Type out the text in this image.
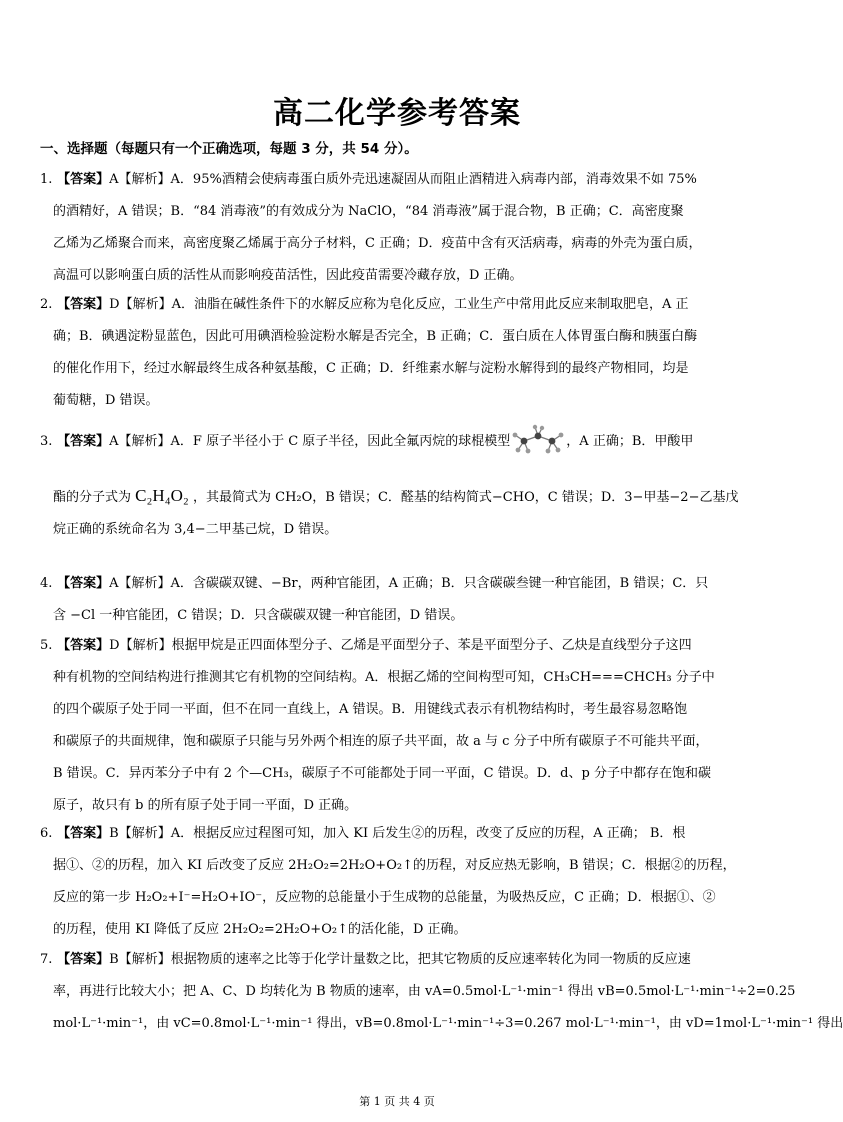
高二化学参考答案
一、选择题（每题只有一个正确选项，每题 3 分，共 54 分）。
1. 【答案】A【解析】A．95%酒精会使病毒蛋白质外壳迅速凝固从而阻止酒精进入病毒内部，消毒效果不如 75%
的酒精好，A 错误；B．“84 消毒液”的有效成分为 NaClO，“84 消毒液”属于混合物，B 正确；C．高密度聚
乙烯为乙烯聚合而来，高密度聚乙烯属于高分子材料，C 正确；D．疫苗中含有灭活病毒，病毒的外壳为蛋白质，
高温可以影响蛋白质的活性从而影响疫苗活性，因此疫苗需要冷藏存放，D 正确。
2. 【答案】D【解析】A．油脂在碱性条件下的水解反应称为皂化反应，工业生产中常用此反应来制取肥皂，A 正
确；B．碘遇淀粉显蓝色，因此可用碘酒检验淀粉水解是否完全，B 正确；C．蛋白质在人体胃蛋白酶和胰蛋白酶
的催化作用下，经过水解最终生成各种氨基酸，C 正确；D．纤维素水解与淀粉水解得到的最终产物相同，均是
葡萄糖，D 错误。
3. 【答案】A【解析】A．F 原子半径小于 C 原子半径，因此全氟丙烷的球棍模型	，A 正确；B．甲酸甲
酯的分子式为 C₂H₄O₂ ，其最简式为 CH₂O，B 错误；C．醛基的结构简式−CHO，C 错误；D．3−甲基−2−乙基戊
烷正确的系统命名为 3,4−二甲基己烷，D 错误。
4. 【答案】A【解析】A．含碳碳双键、−Br，两种官能团，A 正确；B．只含碳碳叁键一种官能团，B 错误；C．只
含 −Cl 一种官能团，C 错误；D．只含碳碳双键一种官能团，D 错误。
5. 【答案】D【解析】根据甲烷是正四面体型分子、乙烯是平面型分子、苯是平面型分子、乙炔是直线型分子这四
种有机物的空间结构进行推测其它有机物的空间结构。A．根据乙烯的空间构型可知，CH₃CH===CHCH₃ 分子中
的四个碳原子处于同一平面，但不在同一直线上，A 错误。B．用键线式表示有机物结构时，考生最容易忽略饱
和碳原子的共面规律，饱和碳原子只能与另外两个相连的原子共平面，故 a 与 c 分子中所有碳原子不可能共平面，
B 错误。C．异丙苯分子中有 2 个—CH₃，碳原子不可能都处于同一平面，C 错误。D．d、p 分子中都存在饱和碳
原子，故只有 b 的所有原子处于同一平面，D 正确。
6. 【答案】B【解析】A．根据反应过程图可知，加入 KI 后发生②的历程，改变了反应的历程，A 正确； B．根
据①、②的历程，加入 KI 后改变了反应 2H₂O₂=2H₂O+O₂↑的历程，对反应热无影响，B 错误；C．根据②的历程，
反应的第一步 H₂O₂+I⁻=H₂O+IO⁻，反应物的总能量小于生成物的总能量，为吸热反应，C 正确；D．根据①、②
的历程，使用 KI 降低了反应 2H₂O₂=2H₂O+O₂↑的活化能，D 正确。
7. 【答案】B【解析】根据物质的速率之比等于化学计量数之比，把其它物质的反应速率转化为同一物质的反应速
率，再进行比较大小；把 A、C、D 均转化为 B 物质的速率，由 vA=0.5mol·L⁻¹·min⁻¹ 得出 vB=0.5mol·L⁻¹·min⁻¹÷2=0.25
mol·L⁻¹·min⁻¹，由 vC=0.8mol·L⁻¹·min⁻¹ 得出，vB=0.8mol·L⁻¹·min⁻¹÷3=0.267 mol·L⁻¹·min⁻¹，由 vD=1mol·L⁻¹·min⁻¹ 得出
第 1 页 共 4 页
